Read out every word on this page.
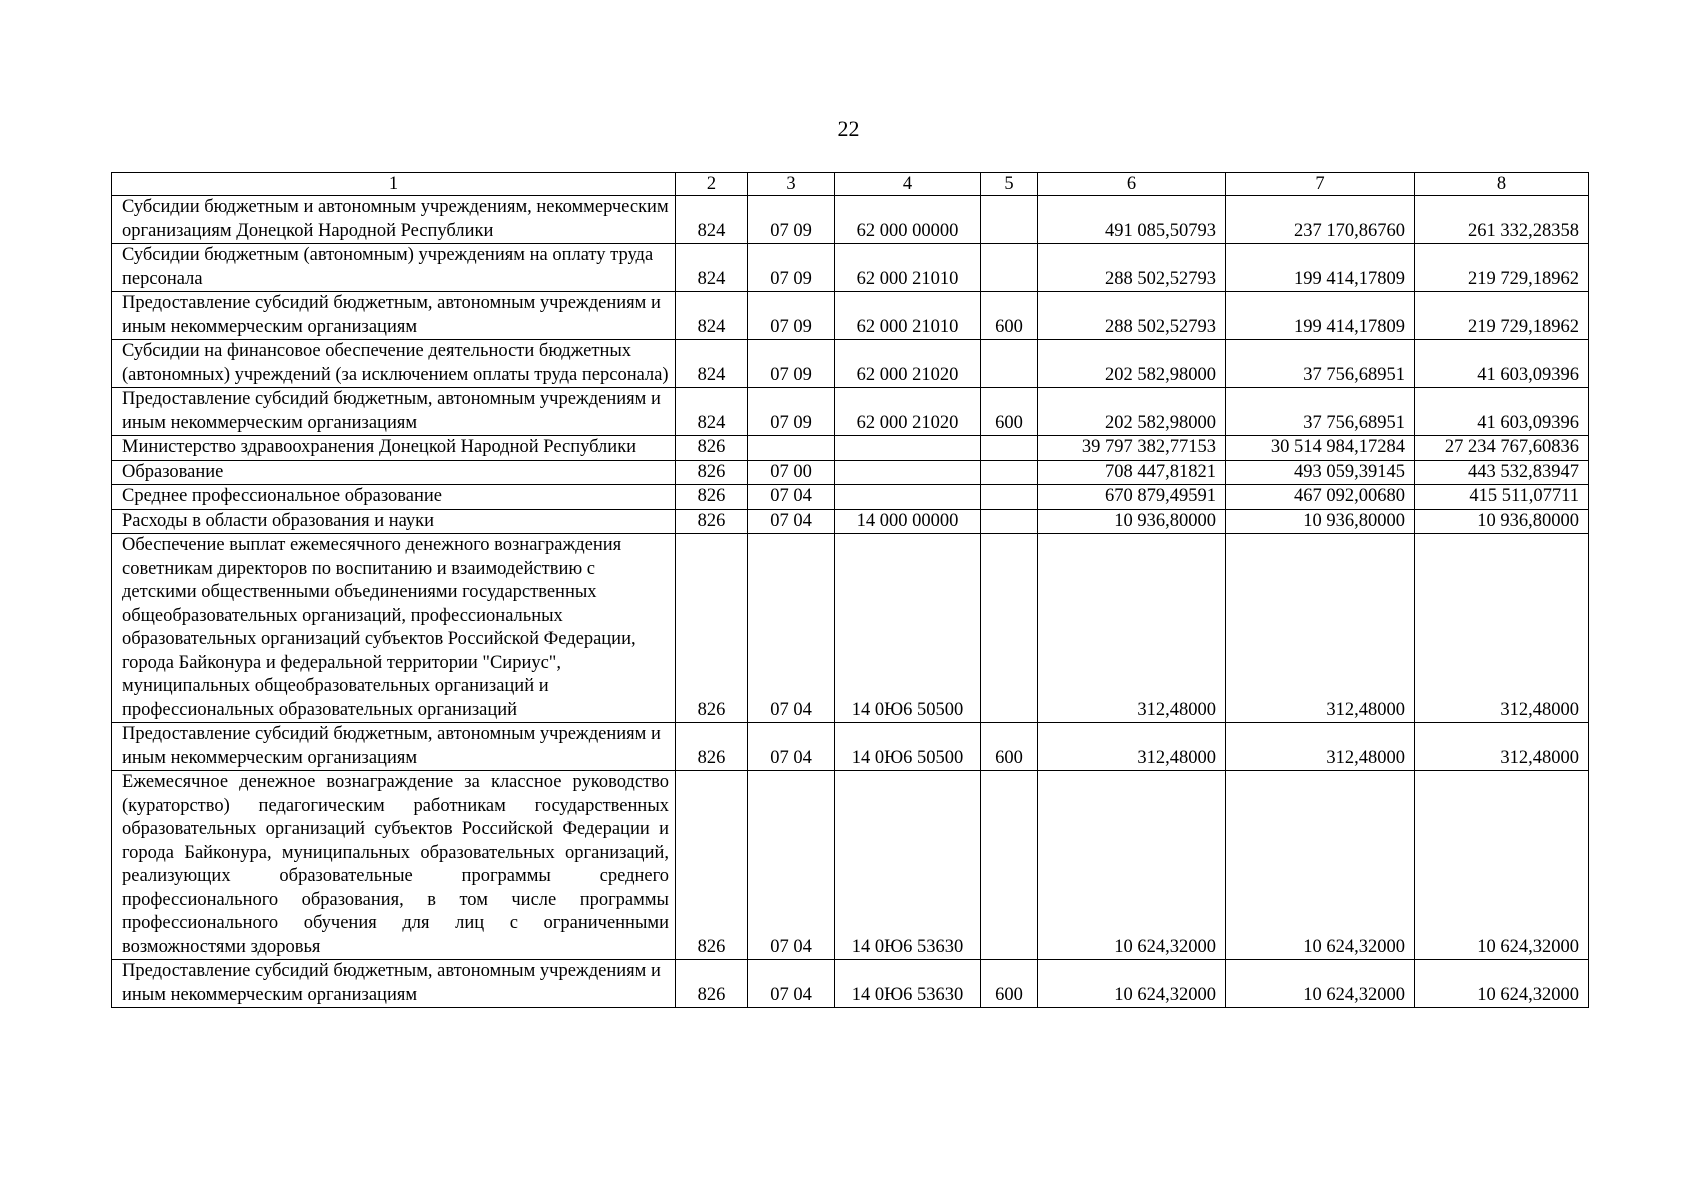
22
1	2	3	4	5	6	7	8
Субсидии бюджетным и автономным учреждениям, некоммерческим организациям Донецкой Народной Республики	824	07 09	62 000 00000		491 085,50793	237 170,86760	261 332,28358
Субсидии бюджетным (автономным) учреждениям на оплату труда персонала	824	07 09	62 000 21010		288 502,52793	199 414,17809	219 729,18962
Предоставление субсидий бюджетным, автономным учреждениям и иным некоммерческим организациям	824	07 09	62 000 21010	600	288 502,52793	199 414,17809	219 729,18962
Субсидии на финансовое обеспечение деятельности бюджетных (автономных) учреждений (за исключением оплаты труда персонала)	824	07 09	62 000 21020		202 582,98000	37 756,68951	41 603,09396
Предоставление субсидий бюджетным, автономным учреждениям и иным некоммерческим организациям	824	07 09	62 000 21020	600	202 582,98000	37 756,68951	41 603,09396
Министерство здравоохранения Донецкой Народной Республики	826				39 797 382,77153	30 514 984,17284	27 234 767,60836
Образование	826	07 00			708 447,81821	493 059,39145	443 532,83947
Среднее профессиональное образование	826	07 04			670 879,49591	467 092,00680	415 511,07711
Расходы в области образования и науки	826	07 04	14 000 00000		10 936,80000	10 936,80000	10 936,80000
Обеспечение выплат ежемесячного денежного вознаграждения советникам директоров по воспитанию и взаимодействию с детскими общественными объединениями государственных общеобразовательных организаций, профессиональных образовательных организаций субъектов Российской Федерации, города Байконура и федеральной территории "Сириус", муниципальных общеобразовательных организаций и профессиональных образовательных организаций	826	07 04	14 0Ю6 50500		312,48000	312,48000	312,48000
Предоставление субсидий бюджетным, автономным учреждениям и иным некоммерческим организациям	826	07 04	14 0Ю6 50500	600	312,48000	312,48000	312,48000
Ежемесячное денежное вознаграждение за классное руководство (кураторство) педагогическим работникам государственных образовательных организаций субъектов Российской Федерации и города Байконура, муниципальных образовательных организаций, реализующих образовательные программы среднего профессионального образования, в том числе программы профессионального обучения для лиц с ограниченными возможностями здоровья	826	07 04	14 0Ю6 53630		10 624,32000	10 624,32000	10 624,32000
Предоставление субсидий бюджетным, автономным учреждениям и иным некоммерческим организациям	826	07 04	14 0Ю6 53630	600	10 624,32000	10 624,32000	10 624,32000
